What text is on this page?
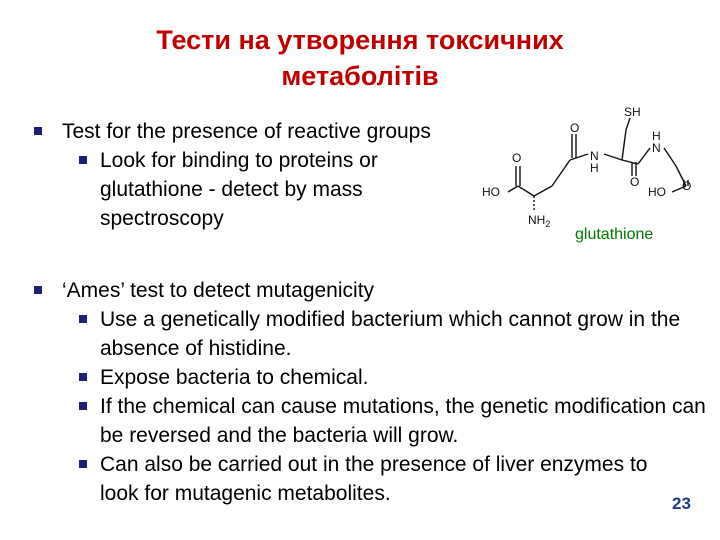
Тести на утворення токсичних
метаболітів
Test for the presence of reactive groups
Look for binding to proteins or glutathione - detect by mass spectroscopy
SH
O
H
N
N
H
O
O	O
HO	HO
$NH_2$
glutathione
‘Ames’ test to detect mutagenicity
Use a genetically modified bacterium which cannot grow in the absence of histidine.
Expose bacteria to chemical.
If the chemical can cause mutations, the genetic modification can be reversed and the bacteria will grow.
Can also be carried out in the presence of liver enzymes to look for mutagenic metabolites.	23
